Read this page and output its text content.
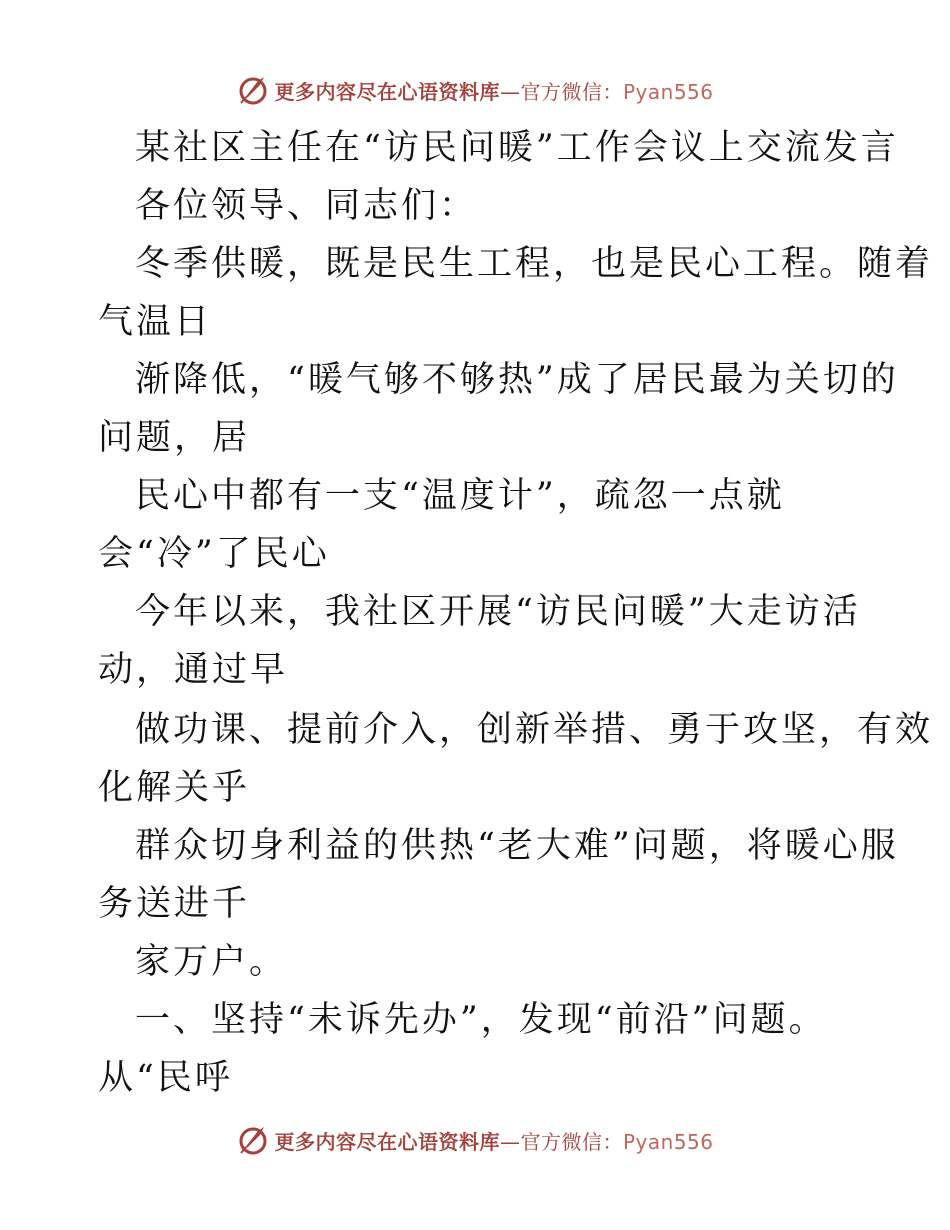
更多内容尽在心语资料库—官方微信：Pyan556

某社区主任在“访民问暖”工作会议上交流发言

各位领导、同志们：

冬季供暖，既是民生工程，也是民心工程。随着

气温日

渐降低，“暖气够不够热”成了居民最为关切的

问题，居

民心中都有一支“温度计”，疏忽一点就

会“冷”了民心

今年以来，我社区开展“访民问暖”大走访活

动，通过早

做功课、提前介入，创新举措、勇于攻坚，有效

化解关乎

群众切身利益的供热“老大难”问题，将暖心服

务送进千

家万户。

一、坚持“未诉先办”，发现“前沿”问题。

从“民呼

更多内容尽在心语资料库—官方微信：Pyan556
